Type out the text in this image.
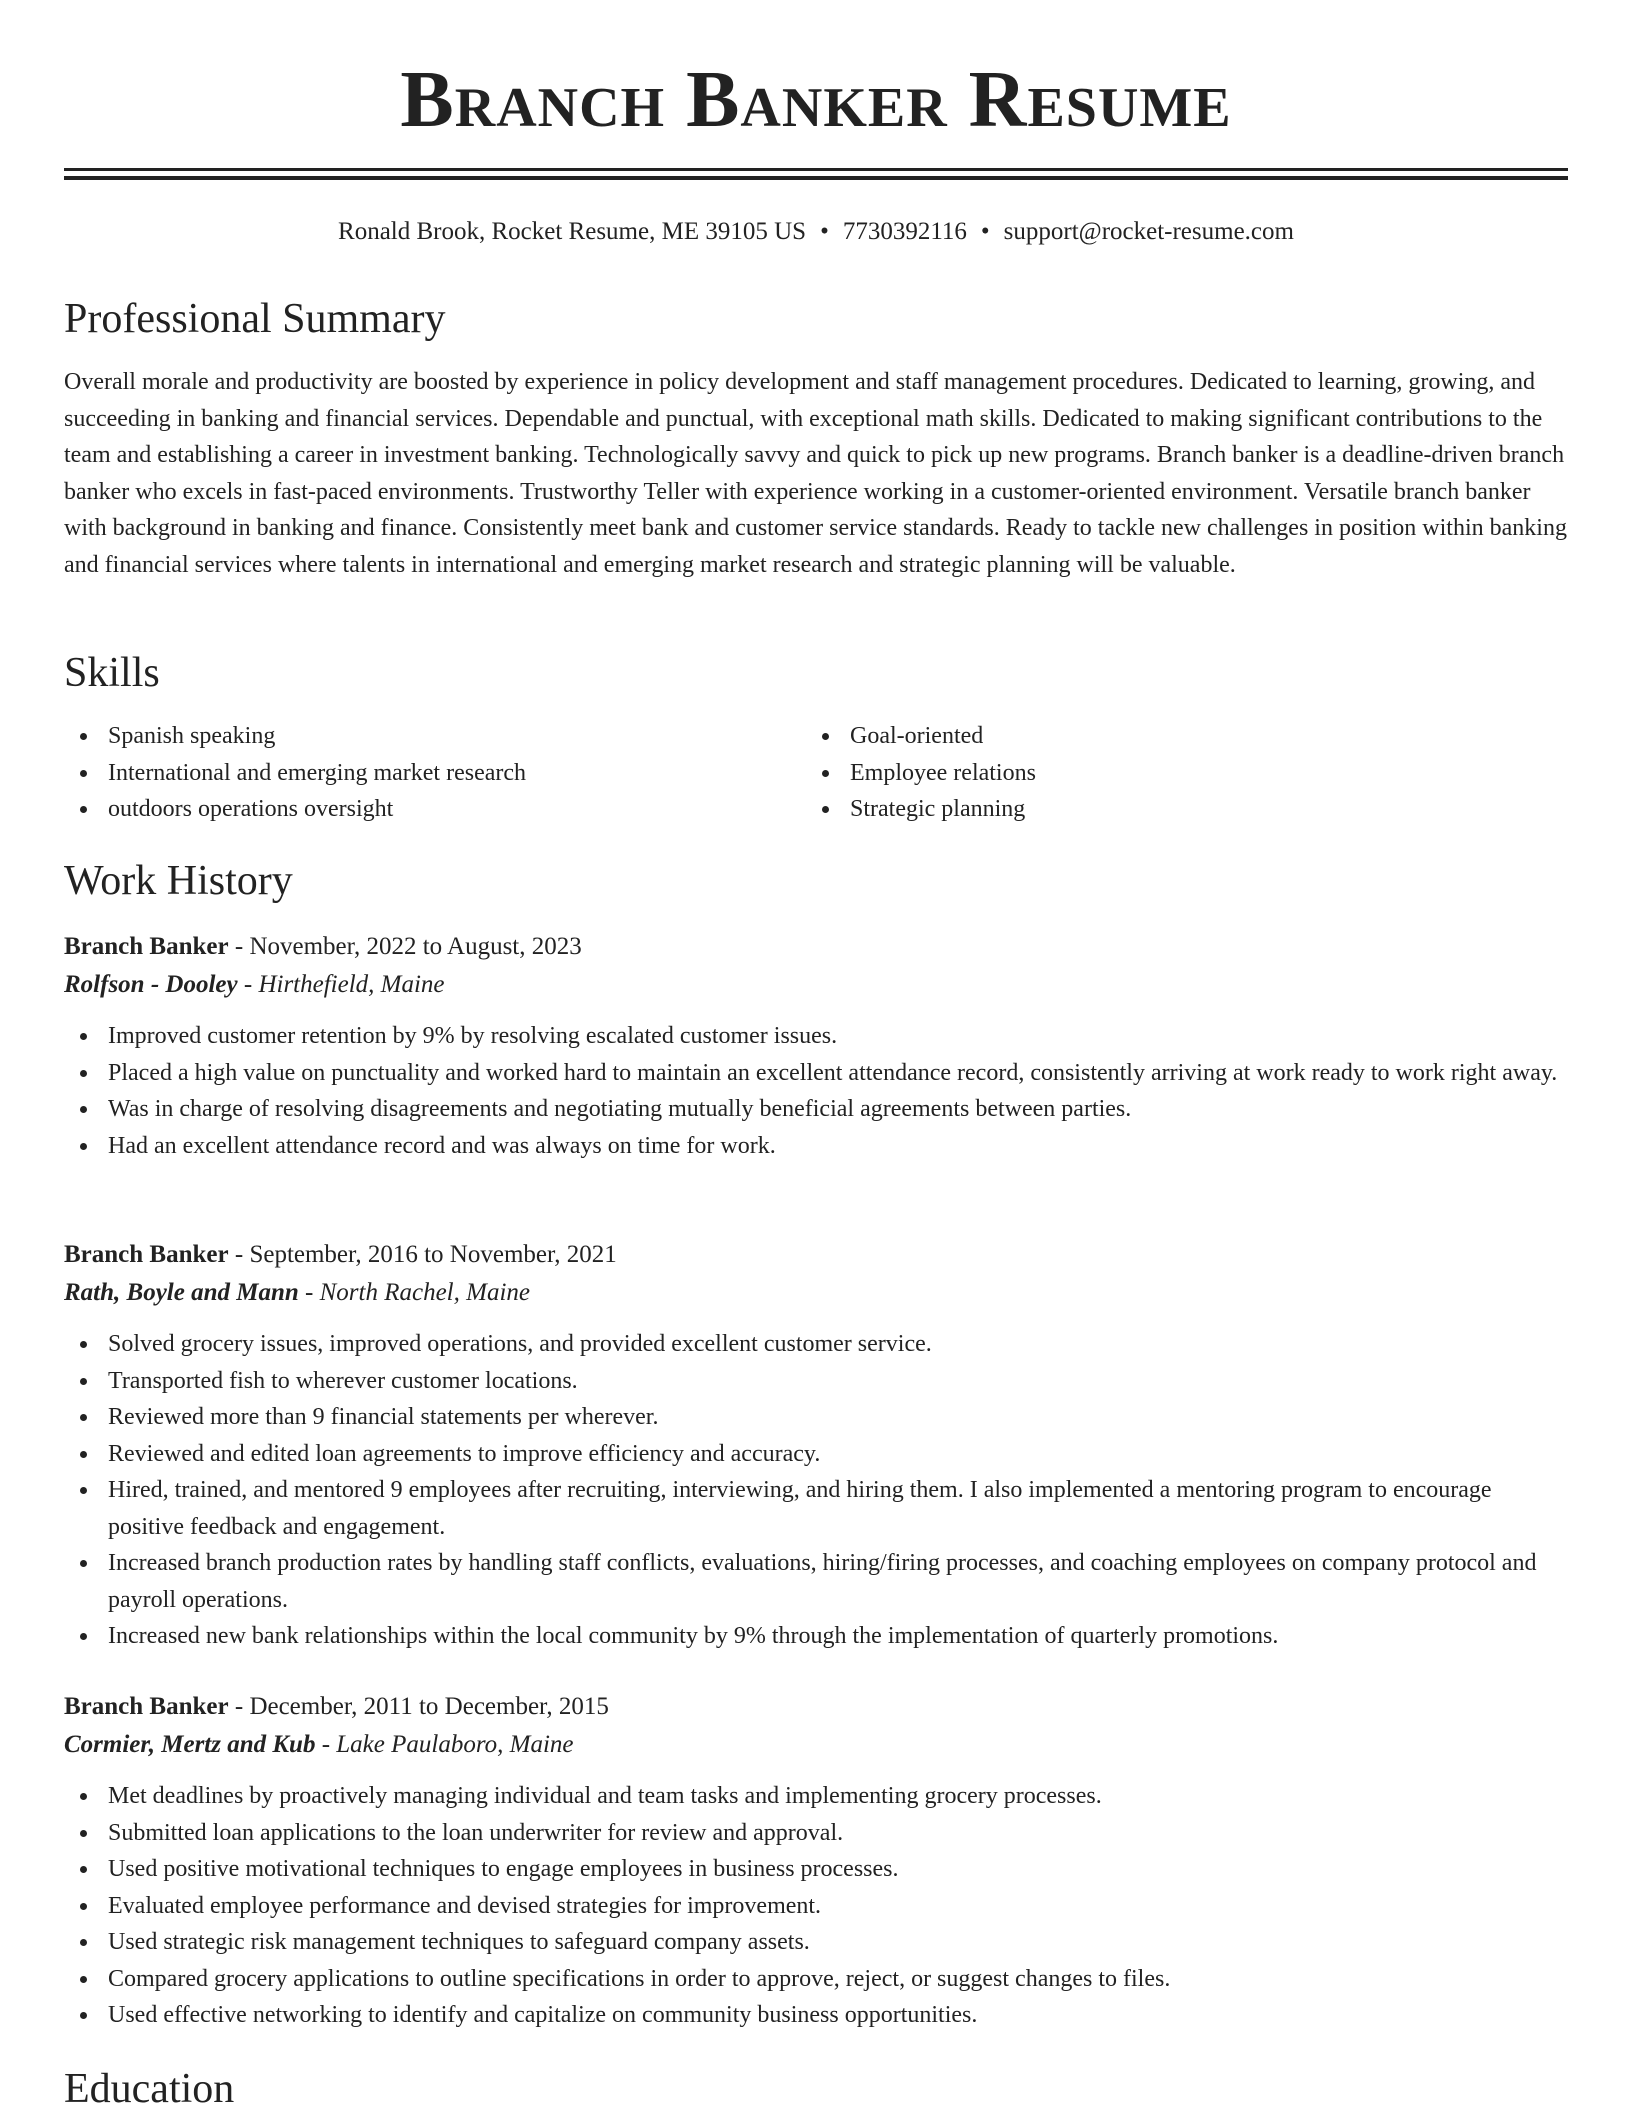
Branch Banker Resume
Ronald Brook, Rocket Resume, ME 39105 US • 7730392116 • support@rocket-resume.com
Professional Summary

Overall morale and productivity are boosted by experience in policy development and staff management procedures. Dedicated to learning, growing, and succeeding in banking and financial services. Dependable and punctual, with exceptional math skills. Dedicated to making significant contributions to the team and establishing a career in investment banking. Technologically savvy and quick to pick up new programs. Branch banker is a deadline-driven branch banker who excels in fast-paced environments. Trustworthy Teller with experience working in a customer-oriented environment. Versatile branch banker with background in banking and finance. Consistently meet bank and customer service standards. Ready to tackle new challenges in position within banking and financial services where talents in international and emerging market research and strategic planning will be valuable.

Skills
Spanish speaking
International and emerging market research
outdoors operations oversight
Goal-oriented
Employee relations
Strategic planning
Work History
Branch Banker - November, 2022 to August, 2023
Rolfson - Dooley - Hirthefield, Maine
Improved customer retention by 9% by resolving escalated customer issues.
Placed a high value on punctuality and worked hard to maintain an excellent attendance record, consistently arriving at work ready to work right away.
Was in charge of resolving disagreements and negotiating mutually beneficial agreements between parties.
Had an excellent attendance record and was always on time for work.
Branch Banker - September, 2016 to November, 2021
Rath, Boyle and Mann - North Rachel, Maine
Solved grocery issues, improved operations, and provided excellent customer service.
Transported fish to wherever customer locations.
Reviewed more than 9 financial statements per wherever.
Reviewed and edited loan agreements to improve efficiency and accuracy.
Hired, trained, and mentored 9 employees after recruiting, interviewing, and hiring them. I also implemented a mentoring program to encourage positive feedback and engagement.
Increased branch production rates by handling staff conflicts, evaluations, hiring/firing processes, and coaching employees on company protocol and payroll operations.
Increased new bank relationships within the local community by 9% through the implementation of quarterly promotions.
Branch Banker - December, 2011 to December, 2015
Cormier, Mertz and Kub - Lake Paulaboro, Maine
Met deadlines by proactively managing individual and team tasks and implementing grocery processes.
Submitted loan applications to the loan underwriter for review and approval.
Used positive motivational techniques to engage employees in business processes.
Evaluated employee performance and devised strategies for improvement.
Used strategic risk management techniques to safeguard company assets.
Compared grocery applications to outline specifications in order to approve, reject, or suggest changes to files.
Used effective networking to identify and capitalize on community business opportunities.
Education
